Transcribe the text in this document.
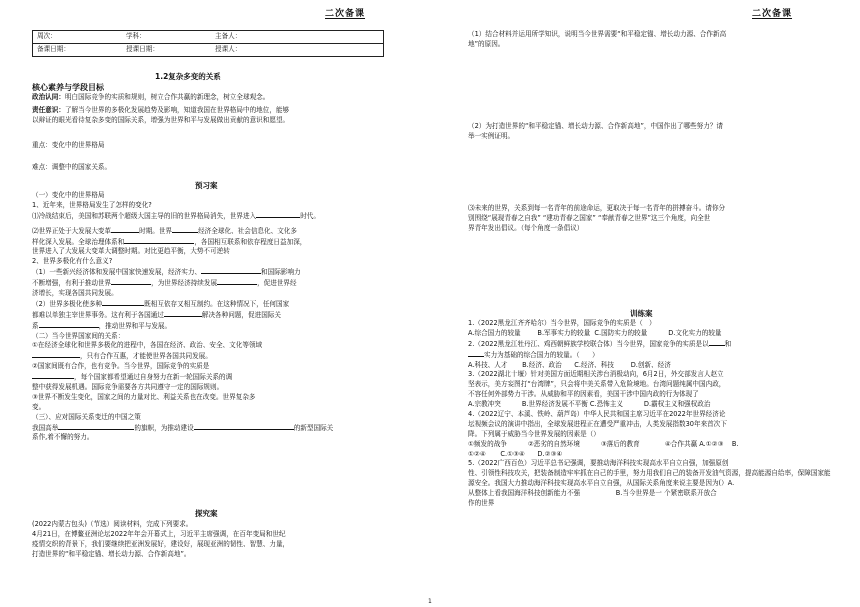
二次备课
周次：	学科：	主备人：
备课日期：	授课日期：	授课人：
1.2复杂多变的关系
核心素养与学段目标
政治认同：明白国际竞争的实质和规则，树立合作共赢的新理念，树立全球观念。
责任意识：了解当今世界的多极化发展趋势及影响，知道我国在世界格局中的地位，能够
以辩证的眼光看待复杂多变的国际关系，增强为世界和平与发展做出贡献的意识和愿望。
重点：变化中的世界格局
难点：调整中的国家关系。
预习案

（一）变化中的世界格局

1、近年来，世界格局发生了怎样的变化?

⑴冷战结束后，美国和苏联两个超级大国主导的旧的世界格局消失，世界进入	时代。

⑵世界正处于大发展大变革	时期。世界	经济全球化、社会信息化、文化多

样化深入发展。全球治理体系和	，各国相互联系和依存程度日益加深，

世界进入了大发展大变革大调整时期。对比更趋平衡，大势不可逆转

2、世界多极化有什么意义?

（1）一些新兴经济体和发展中国家快速发展，经济实力、	和国际影响力

不断增强，有利于推动世界	，为世界经济持续发展	，促进世界经

济增长，实现各国共同发展。

（2）世界多极化使多种	既相互依存又相互制约。在这种情况下，任何国家

都难以单独主宰世界事务。这有利于各国通过	解决各种问题，促进国际关

系	，推动世界和平与发展。

（二）当今世界国家间的关系：

①在经济全球化和世界多极化的进程中，各国在经济、政治、安全、文化等领域

，只有合作互惠，才能使世界各国共同发展。

②国家间既有合作，也有竞争。当今世界，国际竞争的实质是

，每个国家都希望通过自身努力在新一轮国际关系的调

整中获得发展机遇。国际竞争需要各方共同遵守一定的国际规则。

③世界不断发生变化，国家之间的力量对比、利益关系也在改变。世界复杂多

变。

（三）、应对国际关系变迁的中国之策

我国高举	的旗帜，为推动建设	的新型国际关

系作,着不懈的努力。

探究案

(2022内蒙古包头)（节选）阅读材料，完成下列要求。

4月21日，在博鳌亚洲论坛2022年年会开幕式上，习近平主席强调，在百年变局和世纪

疫情交织的背景下，我们要继续把亚洲发展好，建设好，展现亚洲的韧性、智慧、力量，

打造世界的“和平稳定锚、增长动力源、合作新高地”。

二次备课

（1）结合材料并运用所学知识，说明当今世界需要“和平稳定锚、增长动力源、合作新高

地”的原因。

（2）为打造世界的“和平稳定锚、增长动力源、合作新高地”，中国作出了哪些努力？请

举一实例证明。

⑶未来的世界，关系到每一名青年的前途命运，更取决于每一名青年的拼搏奋斗。请你分

别围绕“展现青春之自我” “建功青春之国家” “奉献青春之世界”这三个角度，向全世

界青年发出倡议。（每个角度一条倡议）

训练案

1.（2022黑龙江齐齐哈尔）当今世界，国际竞争的实质是（   ）

A.综合国力的较量        B.军事实力的较量  C.国防实力的较量          D.文化实力的较量

2.（2022黑龙江牡丹江、鸡西朝鲜族学校联合体）当今世界，国家竞争的实质是以 和

实力为基础的综合国力的较量。（      ）

A.科技、人才       B.经济、政治      C.经济、科技        D.创新、经济

3.（2022湖北十堰）针对美国方面近期相关涉台消极动向，6月2日，外交部发言人赵立

坚表示，美方妄图打“台湾牌”，只会将中美关系带入危险境地。台湾问题纯属中国内政，

不容任何外部势力干涉。从威胁和平的因素看，美国干涉中国内政的行为体现了

A.宗教冲突          B.世界经济发展不平衡 C.恐怖主义          D.霸权主义和强权政治

4.（2022辽宁、本溪、铁岭、葫芦岛）中华人民共和国主席习近平在2022年世界经济论

坛视频会议的演讲中指出，全球发展进程正在遭受严重冲击，人类发展指数30年来首次下

降。下列属于威胁当今世界发展的因素是（）

①频发的战争          ②恶劣的自然环境          ③落后的教育            ④合作共赢 A.①②③    B.

①②④       C.①③④      D.②③④

5.（2022广西百色）习近平总书记强调，要推动海洋科技实现高水平自立自强，加强原创

性、引领性科技攻关，把装备制造牢牢抓在自己的手里，努力用我们自己的装备开发油气资源，提高能源自给率，保障国家能

源安全。我国大力推动海洋科技实现高水平自立自强，从国际关系角度来说主要是因为(）A.

从整体上看我国海洋科技创新能力不强                 B.当今世界是一 个紧密联系开放合

作的世界

1
